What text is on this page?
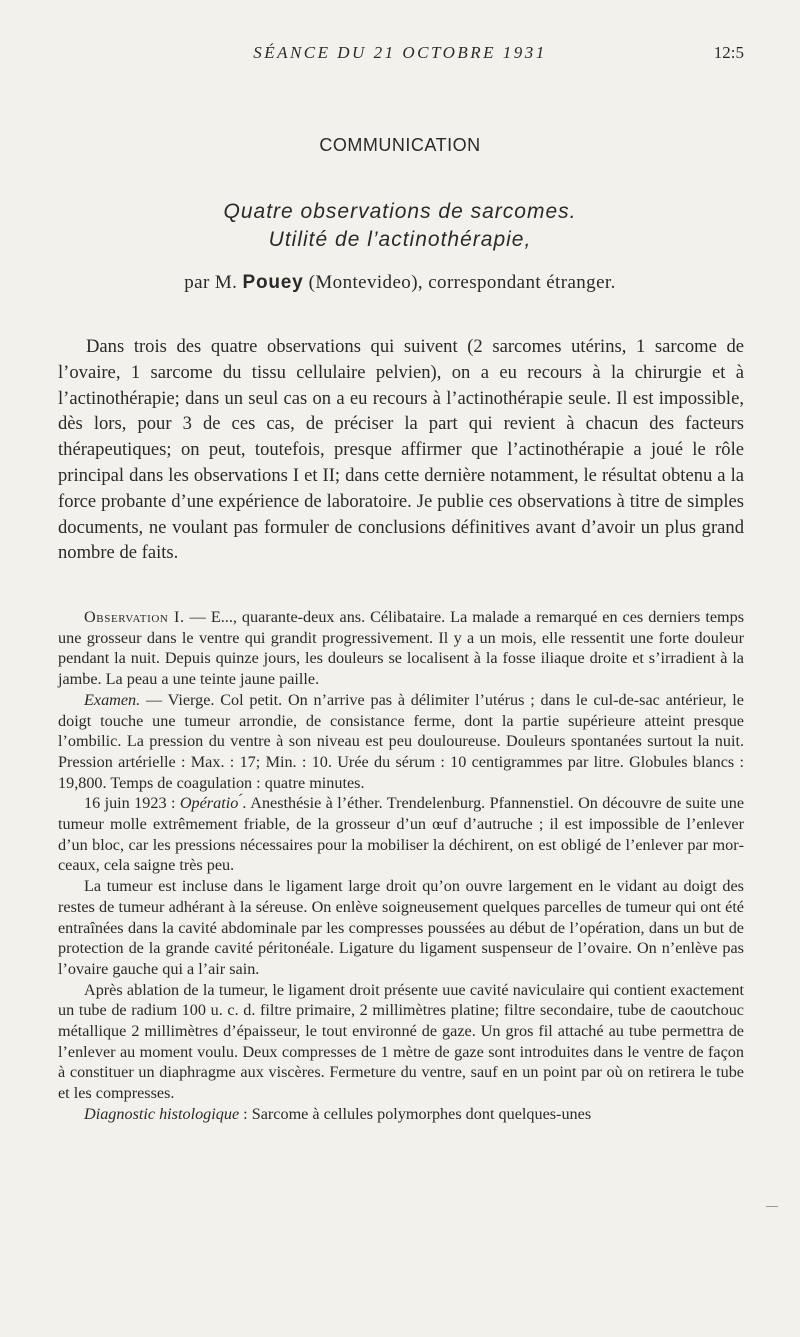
SÉANCE DU 21 OCTOBRE 1931	12:5
COMMUNICATION
Quatre observations de sarcomes.
Utilité de l’actinothérapie,
par M. Pouey (Montevideo), correspondant étranger.

Dans trois des quatre observations qui suivent (2 sarcomes utérins, 1 sarcome de l’ovaire, 1 sarcome du tissu cellulaire pelvien), on a eu recours à la chirurgie et à l’actinothérapie; dans un seul cas on a eu recours à l’actinothérapie seule. Il est impossible, dès lors, pour 3 de ces cas, de préciser la part qui revient à chacun des facteurs thérapeutiques; on peut, toutefois, presque affirmer que l’actinothérapie a joué le rôle principal dans les observations I et II; dans cette dernière notamment, le résultat obtenu a la force probante d’une expérience de laboratoire. Je publie ces observations à titre de simples documents, ne voulant pas formuler de conclusions définitives avant d’avoir un plus grand nombre de faits.

Observation I. — E..., quarante-deux ans. Célibataire. La malade a remarqué en ces derniers temps une grosseur dans le ventre qui grandit progressivement. Il y a un mois, elle ressentit une forte douleur pendant la nuit. Depuis quinze jours, les douleurs se localisent à la fosse iliaque droite et s’irradient à la jambe. La peau a une teinte jaune paille.

Examen. — Vierge. Col petit. On n’arrive pas à délimiter l’utérus ; dans le cul-de-sac antérieur, le doigt touche une tumeur arrondie, de consistance ferme, dont la partie supérieure atteint presque l’ombilic. La pression du ventre à son niveau est peu douloureuse. Douleurs spontanées surtout la nuit. Pression artérielle : Max. : 17; Min. : 10. Urée du sérum : 10 centigrammes par litre. Globules blancs : 19,800. Temps de coagulation : quatre minutes.

16 juin 1923 : Opératio ́. Anesthésie à l’éther. Trendelenburg. Pfannenstiel. On découvre de suite une tumeur molle extrêmement friable, de la grosseur d’un œuf d’autruche ; il est impossible de l’enlever d’un bloc, car les pressions nécessaires pour la mobiliser la déchirent, on est obligé de l’enlever par morceaux, cela saigne très peu.

La tumeur est incluse dans le ligament large droit qu’on ouvre largement en le vidant au doigt des restes de tumeur adhérant à la séreuse. On enlève soigneusement quelques parcelles de tumeur qui ont été entraînées dans la cavité abdominale par les compresses poussées au début de l’opération, dans un but de protection de la grande cavité péritonéale. Ligature du ligament suspenseur de l’ovaire. On n’enlève pas l’ovaire gauche qui a l’air sain.

Après ablation de la tumeur, le ligament droit présente uue cavité naviculaire qui contient exactement un tube de radium 100 u. c. d. filtre primaire, 2 millimètres platine; filtre secondaire, tube de caoutchouc métallique 2 millimètres d’épaisseur, le tout environné de gaze. Un gros fil attaché au tube permettra de l’enlever au moment voulu. Deux compresses de 1 mètre de gaze sont introduites dans le ventre de façon à constituer un diaphragme aux viscères. Fermeture du ventre, sauf en un point par où on retirera le tube et les compresses.

Diagnostic histologique : Sarcome à cellules polymorphes dont quelques-unes
